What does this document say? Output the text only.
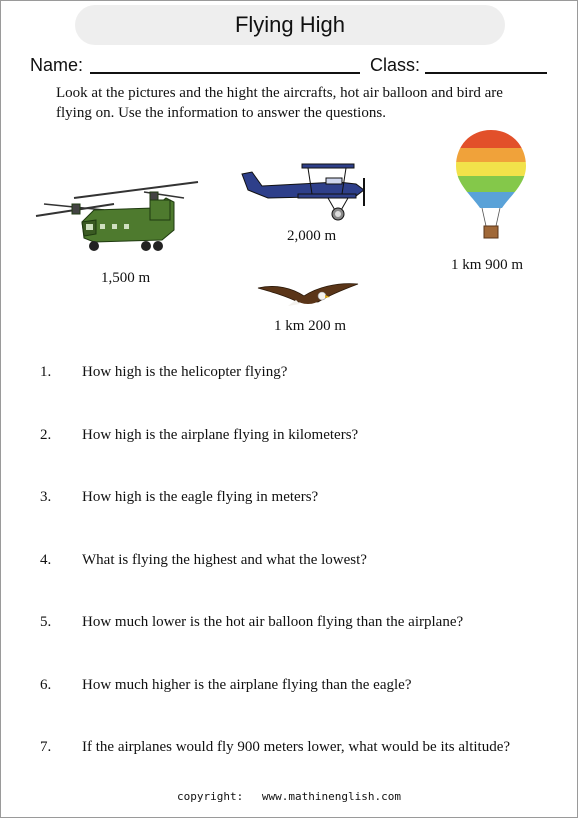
Flying High
Name:	Class:
Look at the pictures and the hight the aircrafts, hot air balloon and bird are flying on. Use the information to answer the questions.
1,500 m
2,000 m
1 km 900 m
1 km 200 m
1. How high is the helicopter flying?
2. How high is the airplane flying in kilometers?
3. How high is the eagle flying in meters?
4. What is flying the highest and what the lowest?
5. How much lower is the hot air balloon flying than the airplane?
6. How much higher is the airplane flying than the eagle?
7. If the airplanes would fly 900 meters lower, what would be its altitude?
copyright: www.mathinenglish.com
